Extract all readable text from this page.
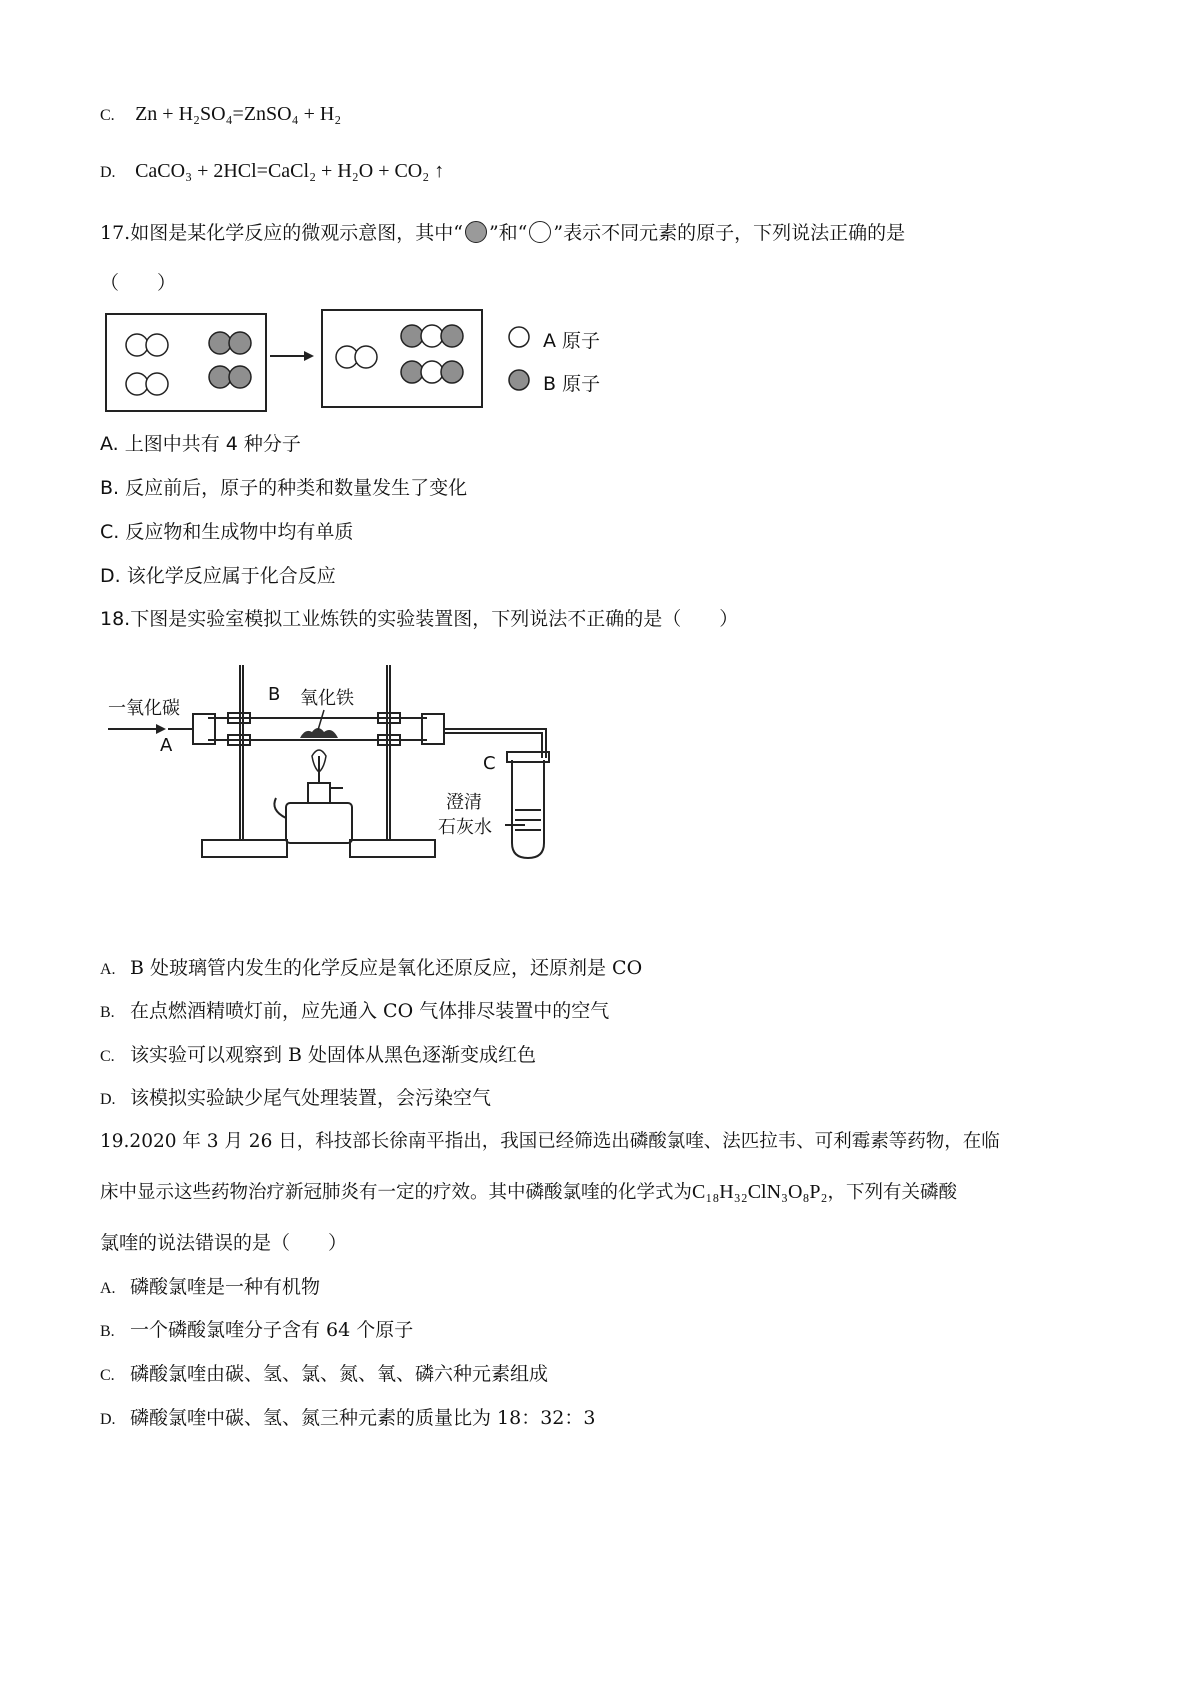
C. Zn + H₂SO₄=ZnSO₄ + H₂
D. CaCO₃ + 2HCl=CaCl₂ + H₂O + CO₂ ↑
17.如图是某化学反应的微观示意图，其中“ ”和“ ”表示不同元素的原子，下列说法正确的是
（　　）
A 原子
B 原子
A. 上图中共有 4 种分子
B. 反应前后，原子的种类和数量发生了变化
C. 反应物和生成物中均有单质
D. 该化学反应属于化合反应
18.下图是实验室模拟工业炼铁的实验装置图，下列说法不正确的是（　　）
一氧化碳
A
B 氧化铁
C
澄清
石灰水
A. B 处玻璃管内发生的化学反应是氧化还原反应，还原剂是 CO
B. 在点燃酒精喷灯前，应先通入 CO 气体排尽装置中的空气
C. 该实验可以观察到 B 处固体从黑色逐渐变成红色
D. 该模拟实验缺少尾气处理装置，会污染空气
19.2020 年 3 月 26 日，科技部长徐南平指出，我国已经筛选出磷酸氯喹、法匹拉韦、可利霉素等药物，在临
床中显示这些药物治疗新冠肺炎有一定的疗效。其中磷酸氯喹的化学式为C₁₈H₃₂ClN₃O₈P₂，下列有关磷酸
氯喹的说法错误的是（　　）
A. 磷酸氯喹是一种有机物
B. 一个磷酸氯喹分子含有 64 个原子
C. 磷酸氯喹由碳、氢、氯、氮、氧、磷六种元素组成
D. 磷酸氯喹中碳、氢、氮三种元素的质量比为 18：32：3
